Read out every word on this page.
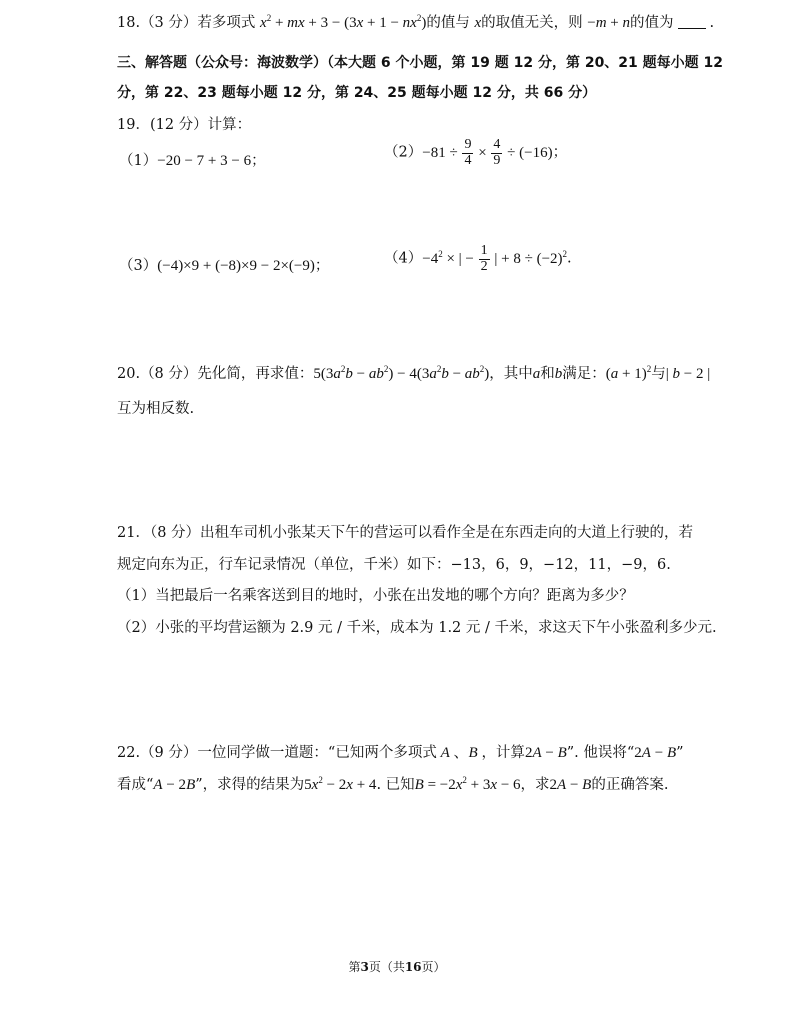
18.（3 分）若多项式 $x^2$ + mx + $3 - (3x + 1 - nx^2)$的值与 x的取值无关，则 −m + n的值为 .
三、解答题（公众号：海波数学）（本大题 6 个小题，第 19 题 12 分，第 20、21 题每小题 12
分，第 22、23 题每小题 12 分，第 24、25 题每小题 12 分，共 66 分）
19．(12 分）计算：
（1）−20 − 7 + 3 − 6；
$(2)-81 \div \frac{9}{4} \times \frac{4}{9} \div (-16)$；
（3）(−4)×9 + (−8)×9 − 2×(−9)；	$(4)-4^2$ × | − $\frac{1}{2}$ | + $8 \div (-2)^2$.
20.（8 分）先化简，再求值：$5(3a^2b - ab^2) - 4(3a^2b - ab^2)$，其中a和b满足：$(a + 1)^2$与| b − 2 |
互为相反数.
21．（8 分）出租车司机小张某天下午的营运可以看作全是在东西走向的大道上行驶的，若
规定向东为正，行车记录情况（单位，千米）如下：−13，6，9，−12，11，−9，6.
（1）当把最后一名乘客送到目的地时，小张在出发地的哪个方向？距离为多少？
（2）小张的平均营运额为 2.9 元 / 千米，成本为 1.2 元 / 千米，求这天下午小张盈利多少元.
22.（9 分）一位同学做一道题：“已知两个多项式 A 、B ，计算2A − B”. 他误将“2A − B”
看成“A − 2B”，求得的结果为$5x^2 - 2x + 4$. 已知$B = -2x^2 + 3x - 6$，求2A − B的正确答案.
第3页（共16页）
